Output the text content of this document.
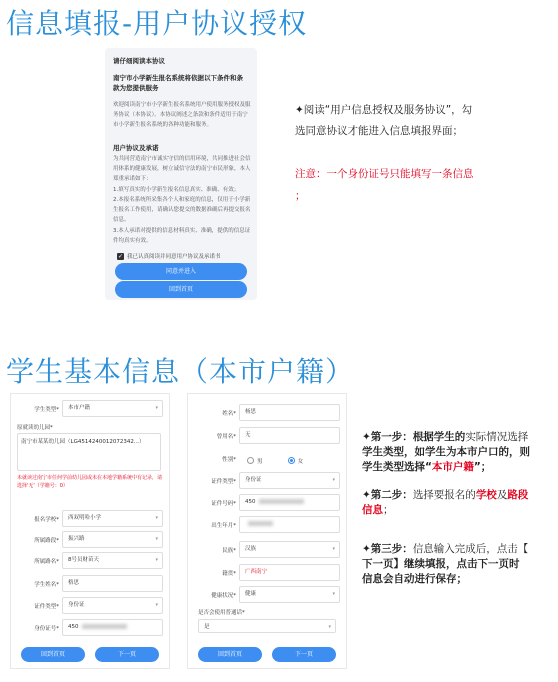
信息填报-用户协议授权
请仔细阅读本协议
南宁市小学新生报名系统将依据以下条件和条款为您提供服务
欢迎阅读南宁市小学新生报名系统用户使用服务授权及服务协议（本协议）。本协议阐述之条款和条件适用于南宁市小学新生报名系统的各种功能和服务。
用户协议及承诺
为共同营造南宁市诚实守信的信用环境，共同推进社会信用体系的健康发展，树立诚信守法的南宁市民形象，本人郑重承诺如下：
1.填写真实的小学新生报名信息真实、准确、有效；
2.本报名系统所采集各个人和家庭的信息，仅用于小学新生报名工作使用，请确认您提交的数据准确后再提交报名信息。
3.本人承诺对提供的信息材料真实、准确，提供的信息证件均真实有效。
✓ 我已认真阅读并同意用户协议及承诺书
同意并进入
回到首页
✦阅读“用户信息授权及服务协议”，勾
选同意协议才能进入信息填报界面；
注意：一个身份证号只能填写一条信息
；
学生基本信息（本市户籍）
学生类型*	本市户籍	▾
原就读幼儿园*
南宁市某某幼儿园（LG4514240012072342...）
未就读过南宁市任何学前幼儿园或未在本地学籍系统中有记录，请选择'无'（学籍号：0）
报名学校*	西双明哈小学	▾
所属路段*	振兴路	▾
所属路名*	8号员财苗天	▾
学生姓名*	格思
证件类型*	身份证	▾
身份证号*	450
回到首页	下一页
姓名*	杨思
曾用名*	无
性别*	男
	女
证件类型*	身份证	▾
证件号码*	450
出生年月*
民族*	汉族	▾
籍贯*	广西南宁
健康状况*	健康	▾
是否会使用普通话*
是	▾
回到首页	下一页
✦第一步：根据学生的实际情况选择
学生类型，如学生为本市户口的，则
学生类型选择“本市户籍”；
✦第二步：选择要报名的学校及路段
信息；
✦第三步：信息输入完成后，点击【
下一页】继续填报，点击下一页时
信息会自动进行保存；
